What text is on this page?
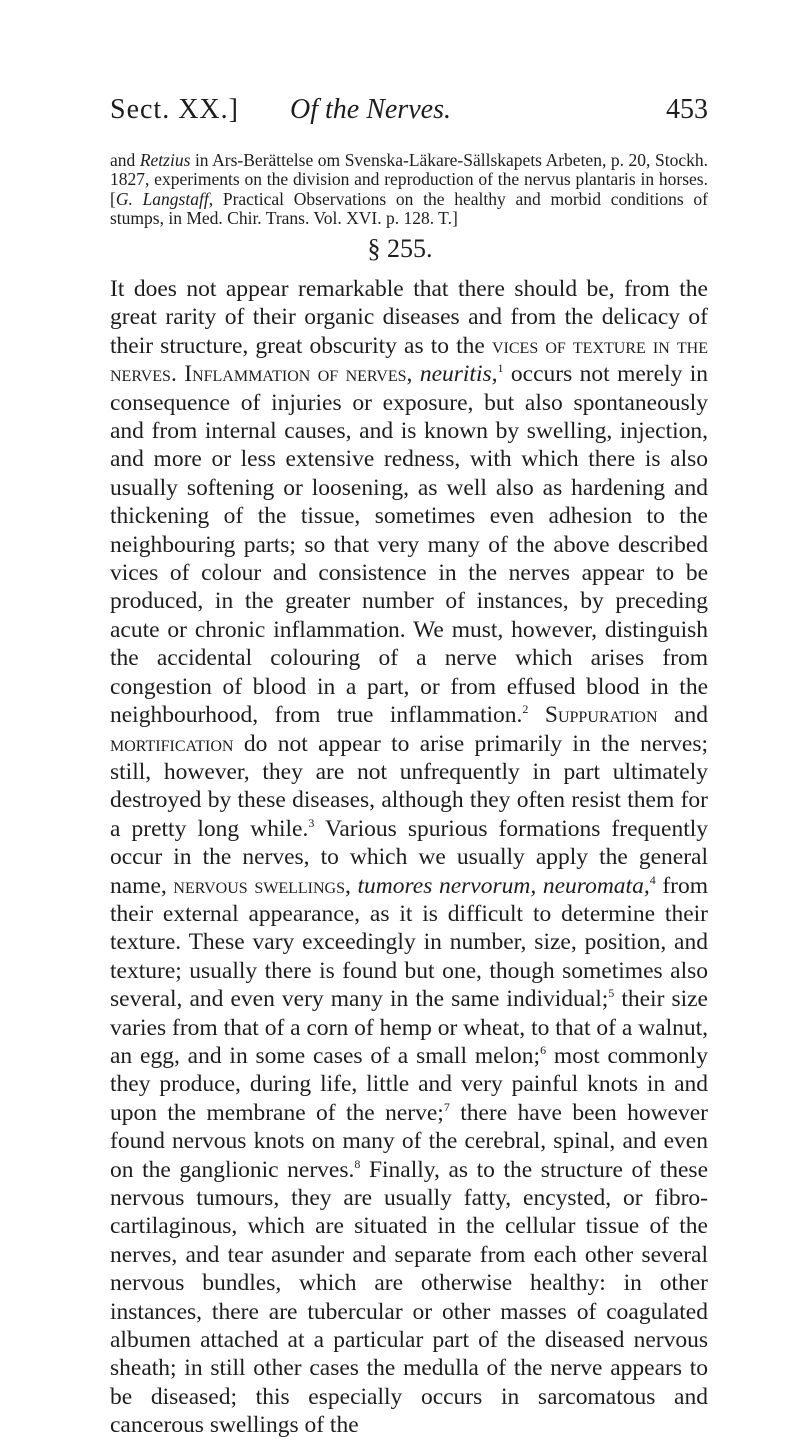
Sect. XX.] Of the Nerves.	453
and Retzius in Ars-Berättelse om Svenska-Läkare-Sällskapets Arbeten, p. 20, Stockh. 1827, experiments on the division and reproduction of the nervus plantaris in horses. [G. Langstaff, Practical Observations on the healthy and morbid conditions of stumps, in Med. Chir. Trans. Vol. XVI. p. 128. T.]
§ 255.
It does not appear remarkable that there should be, from the great rarity of their organic diseases and from the delicacy of their structure, great obscurity as to the vices of texture in the nerves. Inflammation of nerves, neuritis,$^1$ occurs not merely in consequence of injuries or exposure, but also spontaneously and from internal causes, and is known by swelling, injection, and more or less extensive redness, with which there is also usually softening or loosening, as well also as hardening and thickening of the tissue, sometimes even adhesion to the neighbouring parts; so that very many of the above described vices of colour and consistence in the nerves appear to be produced, in the greater number of instances, by preceding acute or chronic inflammation. We must, however, distinguish the accidental colouring of a nerve which arises from congestion of blood in a part, or from effused blood in the neighbourhood, from true inflammation.$^2$ Suppuration and mortification do not appear to arise primarily in the nerves; still, however, they are not unfrequently in part ultimately destroyed by these diseases, although they often resist them for a pretty long while.$^3$ Various spurious formations frequently occur in the nerves, to which we usually apply the general name, nervous swellings, tumores nervorum, neuromata,$^4$ from their external appearance, as it is difficult to determine their texture. These vary exceedingly in number, size, position, and texture; usually there is found but one, though sometimes also several, and even very many in the same individual;$^5$ their size varies from that of a corn of hemp or wheat, to that of a walnut, an egg, and in some cases of a small melon;$^6$ most commonly they produce, during life, little and very painful knots in and upon the membrane of the nerve;$^7$ there have been however found nervous knots on many of the cerebral, spinal, and even on the ganglionic nerves.$^8$ Finally, as to the structure of these nervous tumours, they are usually fatty, encysted, or fibro-cartilaginous, which are situated in the cellular tissue of the nerves, and tear asunder and separate from each other several nervous bundles, which are otherwise healthy: in other instances, there are tubercular or other masses of coagulated albumen attached at a particular part of the diseased nervous sheath; in still other cases the medulla of the nerve appears to be diseased; this especially occurs in sarcomatous and cancerous swellings of the
